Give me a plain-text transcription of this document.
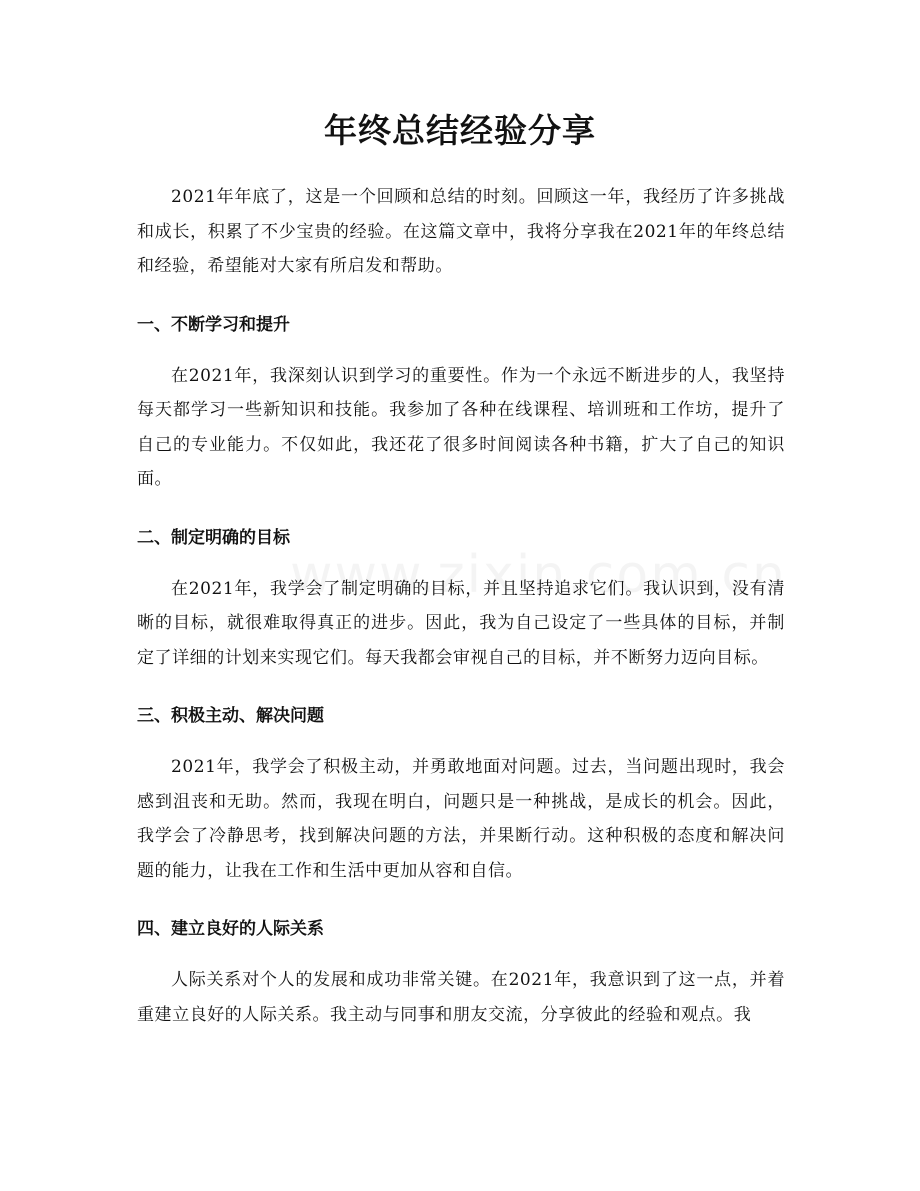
年终总结经验分享

2021年年底了，这是一个回顾和总结的时刻。回顾这一年，我经历了许多挑战和成长，积累了不少宝贵的经验。在这篇文章中，我将分享我在2021年的年终总结和经验，希望能对大家有所启发和帮助。

一、不断学习和提升

在2021年，我深刻认识到学习的重要性。作为一个永远不断进步的人，我坚持每天都学习一些新知识和技能。我参加了各种在线课程、培训班和工作坊，提升了自己的专业能力。不仅如此，我还花了很多时间阅读各种书籍，扩大了自己的知识面。

二、制定明确的目标

在2021年，我学会了制定明确的目标，并且坚持追求它们。我认识到，没有清晰的目标，就很难取得真正的进步。因此，我为自己设定了一些具体的目标，并制定了详细的计划来实现它们。每天我都会审视自己的目标，并不断努力迈向目标。

三、积极主动、解决问题

2021年，我学会了积极主动，并勇敢地面对问题。过去，当问题出现时，我会感到沮丧和无助。然而，我现在明白，问题只是一种挑战，是成长的机会。因此，我学会了冷静思考，找到解决问题的方法，并果断行动。这种积极的态度和解决问题的能力，让我在工作和生活中更加从容和自信。

四、建立良好的人际关系

人际关系对个人的发展和成功非常关键。在2021年，我意识到了这一点，并着重建立良好的人际关系。我主动与同事和朋友交流，分享彼此的经验和观点。我
